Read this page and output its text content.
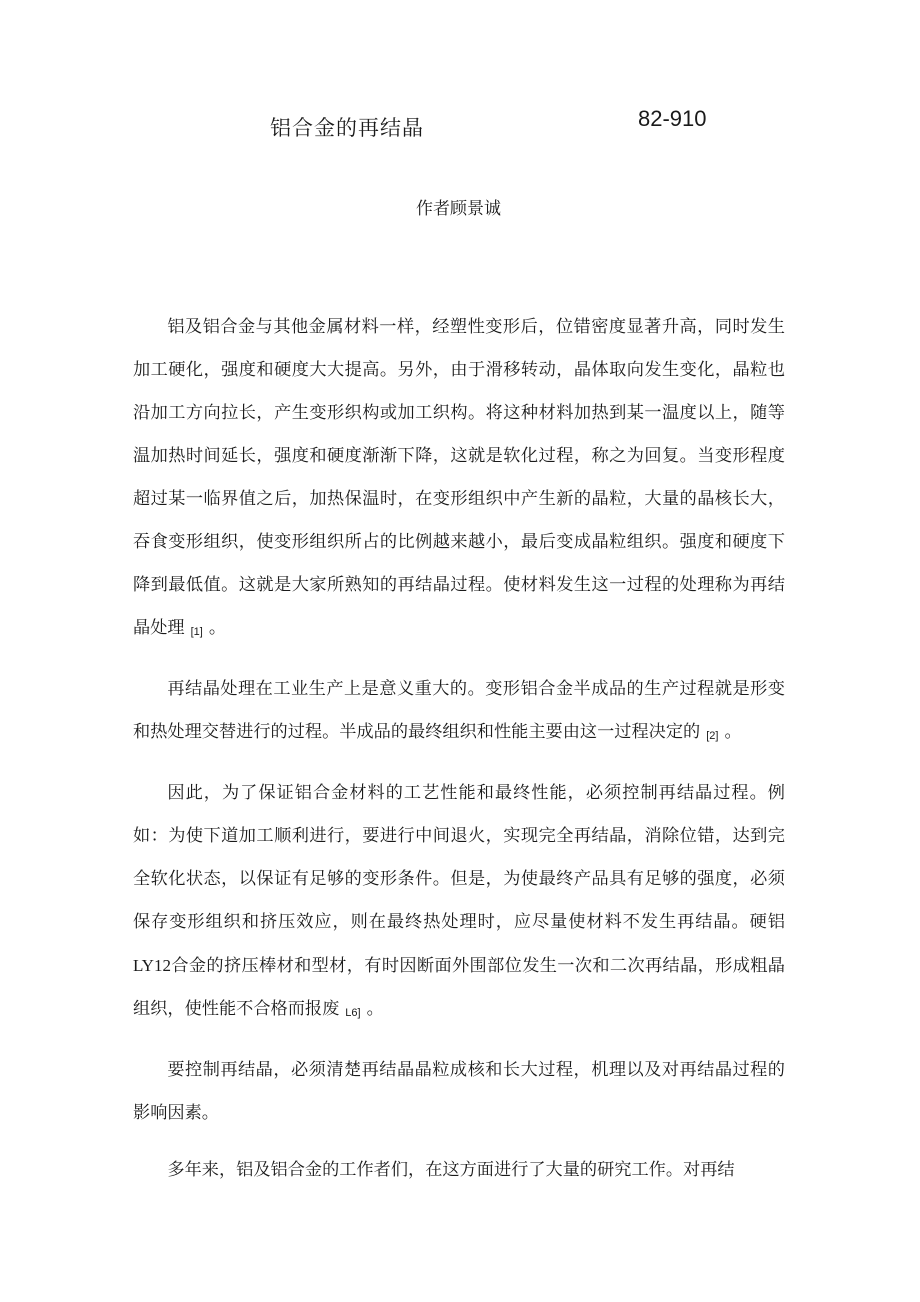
铝合金的再结晶	82-910
作者顾景诚

铝及铝合金与其他金属材料一样，经塑性变形后，位错密度显著升高，同时发生加工硬化，强度和硬度大大提高。另外，由于滑移转动，晶体取向发生变化，晶粒也沿加工方向拉长，产生变形织构或加工织构。将这种材料加热到某一温度以上，随等温加热时间延长，强度和硬度渐渐下降，这就是软化过程，称之为回复。当变形程度超过某一临界值之后，加热保温时，在变形组织中产生新的晶粒，大量的晶核长大，吞食变形组织，使变形组织所占的比例越来越小，最后变成晶粒组织。强度和硬度下降到最低值。这就是大家所熟知的再结晶过程。使材料发生这一过程的处理称为再结晶处理 [1] 。

再结晶处理在工业生产上是意义重大的。变形铝合金半成品的生产过程就是形变和热处理交替进行的过程。半成品的最终组织和性能主要由这一过程决定的 [2] 。

因此，为了保证铝合金材料的工艺性能和最终性能，必须控制再结晶过程。例如：为使下道加工顺利进行，要进行中间退火，实现完全再结晶，消除位错，达到完全软化状态，以保证有足够的变形条件。但是，为使最终产品具有足够的强度，必须保存变形组织和挤压效应，则在最终热处理时，应尽量使材料不发生再结晶。硬铝LY12合金的挤压棒材和型材，有时因断面外围部位发生一次和二次再结晶，形成粗晶组织，使性能不合格而报废 L6] 。

要控制再结晶，必须清楚再结晶晶粒成核和长大过程，机理以及对再结晶过程的影响因素。

多年来，铝及铝合金的工作者们，在这方面进行了大量的研究工作。对再结
